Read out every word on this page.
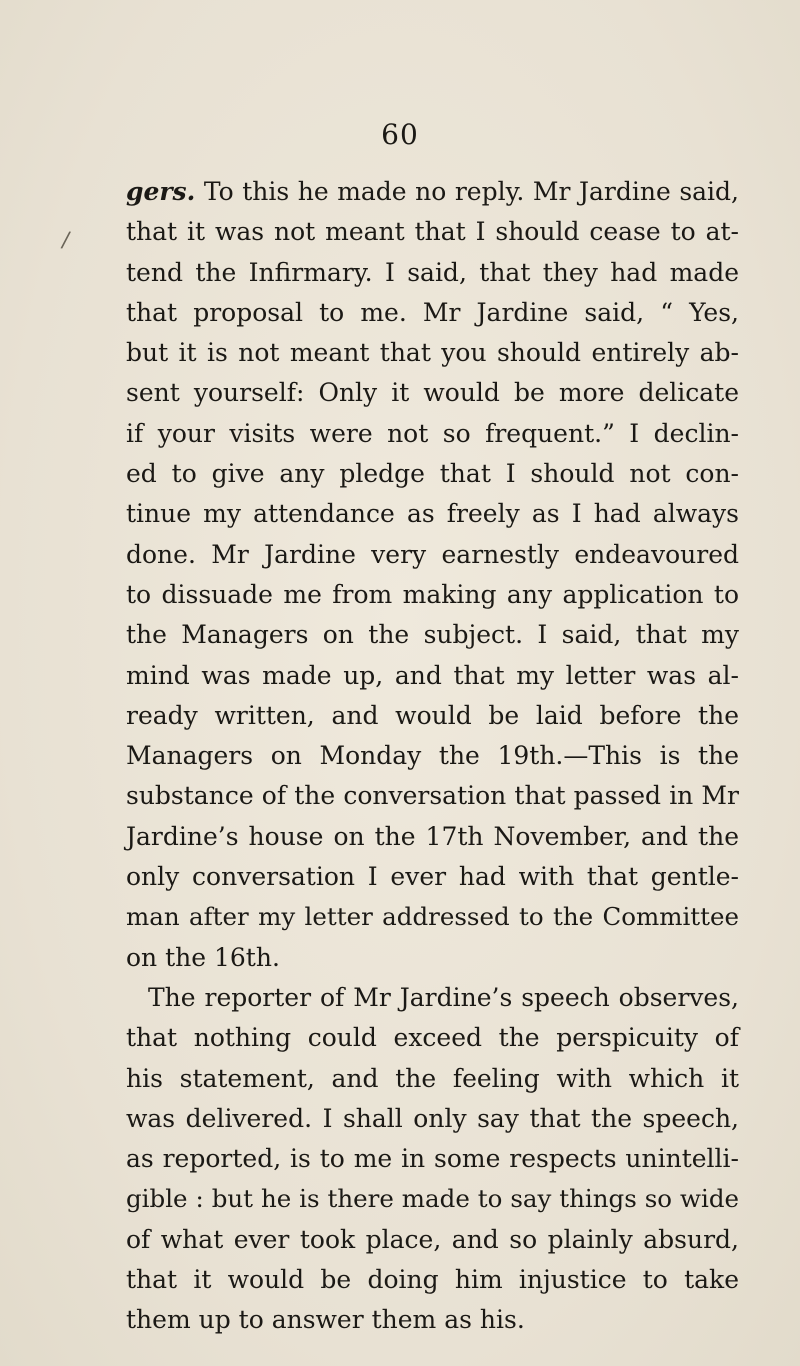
60
/
gers. To this he made no reply. Mr Jardine said,
that it was not meant that I should cease to at-
tend the Infirmary. I said, that they had made
that proposal to me. Mr Jardine said, “ Yes,
but it is not meant that you should entirely ab-
sent yourself: Only it would be more delicate
if your visits were not so frequent.” I declin-
ed to give any pledge that I should not con-
tinue my attendance as freely as I had always
done. Mr Jardine very earnestly endeavoured
to dissuade me from making any application to
the Managers on the subject. I said, that my
mind was made up, and that my letter was al-
ready written, and would be laid before the
Managers on Monday the 19th.—This is the
substance of the conversation that passed in Mr
Jardine’s house on the 17th November, and the
only conversation I ever had with that gentle-
man after my letter addressed to the Committee
on the 16th.
The reporter of Mr Jardine’s speech observes,
that nothing could exceed the perspicuity of
his statement, and the feeling with which it
was delivered. I shall only say that the speech,
as reported, is to me in some respects unintelli-
gible : but he is there made to say things so wide
of what ever took place, and so plainly absurd,
that it would be doing him injustice to take
them up to answer them as his.
